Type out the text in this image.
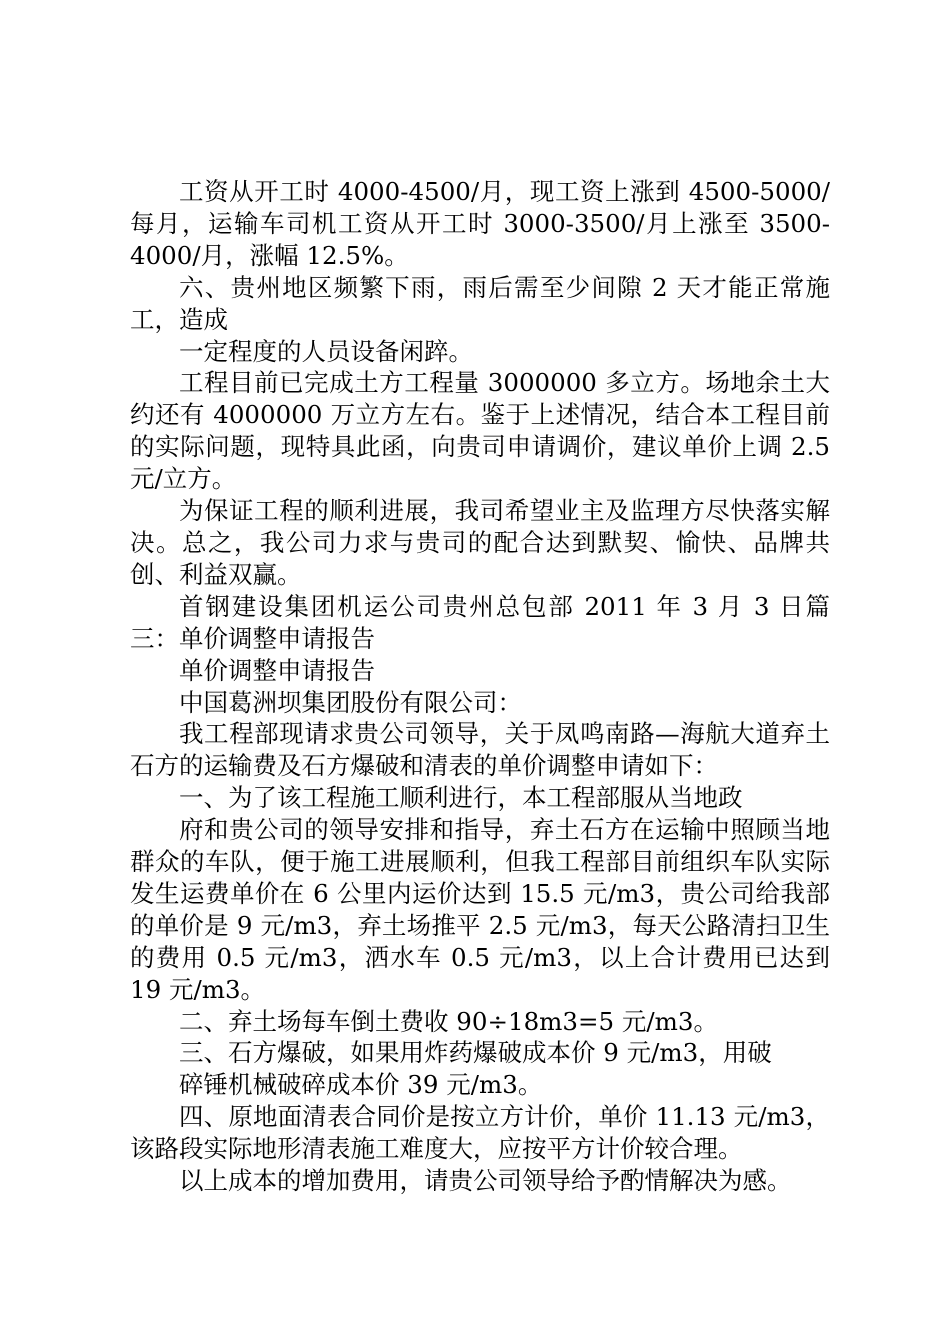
工资从开工时 4000-4500/月，现工资上涨到 4500-5000/每月，运输车司机工资从开工时 3000-3500/月上涨至 3500-4000/月，涨幅 12.5%。

六、贵州地区频繁下雨，雨后需至少间隙 2 天才能正常施工，造成

一定程度的人员设备闲踤。

工程目前已完成土方工程量 3000000 多立方。场地余土大约还有 4000000 万立方左右。鉴于上述情况，结合本工程目前的实际问题，现特具此函，向贵司申请调价，建议单价上调 2.5 元/立方。

为保证工程的顺利进展，我司希望业主及监理方尽快落实解决。总之，我公司力求与贵司的配合达到默契、愉快、品牌共创、利益双赢。

首钢建设集团机运公司贵州总包部 2011 年 3 月 3 日篇三：单价调整申请报告

单价调整申请报告

中国葛洲坝集团股份有限公司：

我工程部现请求贵公司领导，关于凤鸣南路—海航大道弃土石方的运输费及石方爆破和清表的单价调整申请如下：

一、为了该工程施工顺利进行，本工程部服从当地政

府和贵公司的领导安排和指导，弃土石方在运输中照顾当地群众的车队，便于施工进展顺利，但我工程部目前组织车队实际发生运费单价在 6 公里内运价达到 15.5 元/m3，贵公司给我部的单价是 9 元/m3，弃土场推平 2.5 元/m3，每天公路清扫卫生的费用 0.5 元/m3，洒水车 0.5 元/m3，以上合计费用已达到 19 元/m3。

二、弃土场每车倒土费收 90÷18m3=5 元/m3。

三、石方爆破，如果用炸药爆破成本价 9 元/m3，用破

碎锤机械破碎成本价 39 元/m3。

四、原地面清表合同价是按立方计价，单价 11.13 元/m3，该路段实际地形清表施工难度大，应按平方计价较合理。

以上成本的增加费用，请贵公司领导给予酌情解决为感。
